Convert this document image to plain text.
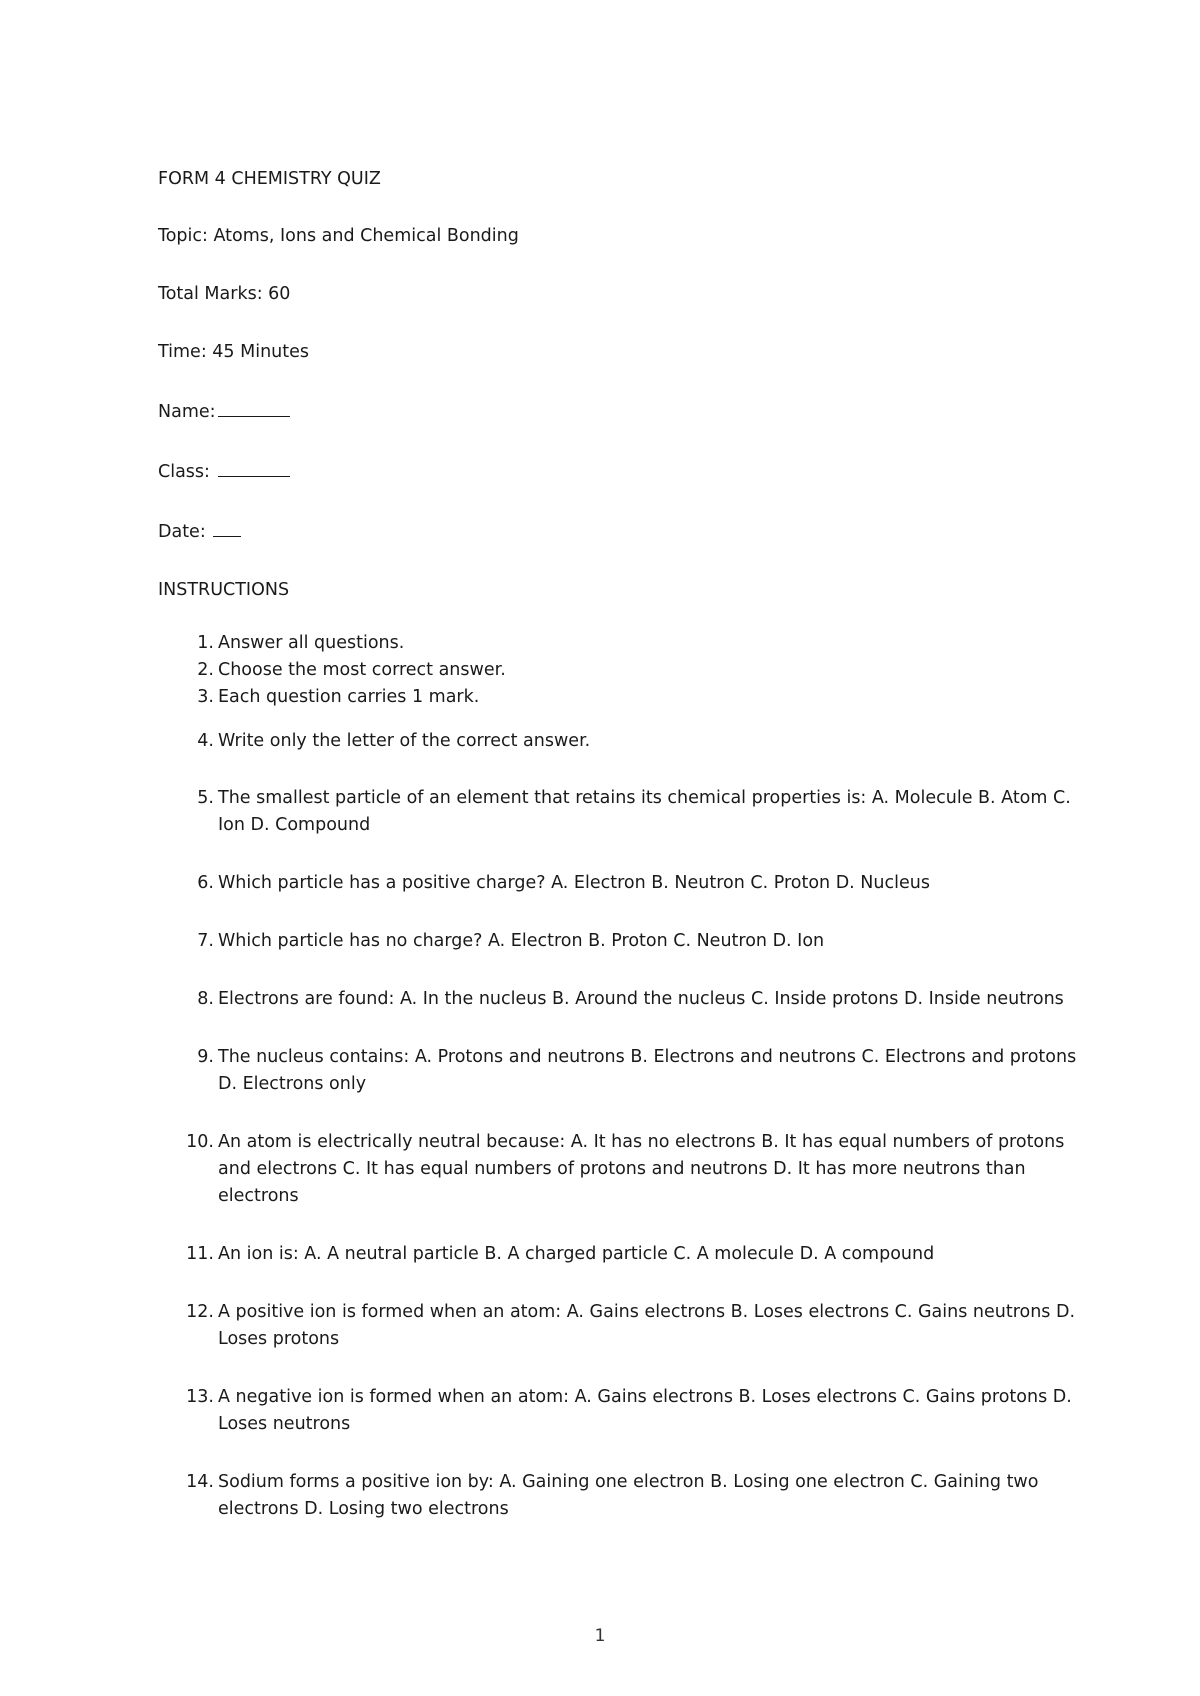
FORM 4 CHEMISTRY QUIZ

Topic: Atoms, Ions and Chemical Bonding

Total Marks: 60

Time: 45 Minutes

Name:

Class:

Date:

INSTRUCTIONS

1. Answer all questions.
2. Choose the most correct answer.
3. Each question carries 1 mark.
4. Write only the letter of the correct answer.
5. The smallest particle of an element that retains its chemical properties is: A. Molecule B. Atom C. Ion D. Compound
6. Which particle has a positive charge? A. Electron B. Neutron C. Proton D. Nucleus
7. Which particle has no charge? A. Electron B. Proton C. Neutron D. Ion
8. Electrons are found: A. In the nucleus B. Around the nucleus C. Inside protons D. Inside neutrons
9. The nucleus contains: A. Protons and neutrons B. Electrons and neutrons C. Electrons and protons D. Electrons only
10. An atom is electrically neutral because: A. It has no electrons B. It has equal numbers of protons and electrons C. It has equal numbers of protons and neutrons D. It has more neutrons than electrons
11. An ion is: A. A neutral particle B. A charged particle C. A molecule D. A compound
12. A positive ion is formed when an atom: A. Gains electrons B. Loses electrons C. Gains neutrons D. Loses protons
13. A negative ion is formed when an atom: A. Gains electrons B. Loses electrons C. Gains protons D. Loses neutrons
14. Sodium forms a positive ion by: A. Gaining one electron B. Losing one electron C. Gaining two electrons D. Losing two electrons
1
